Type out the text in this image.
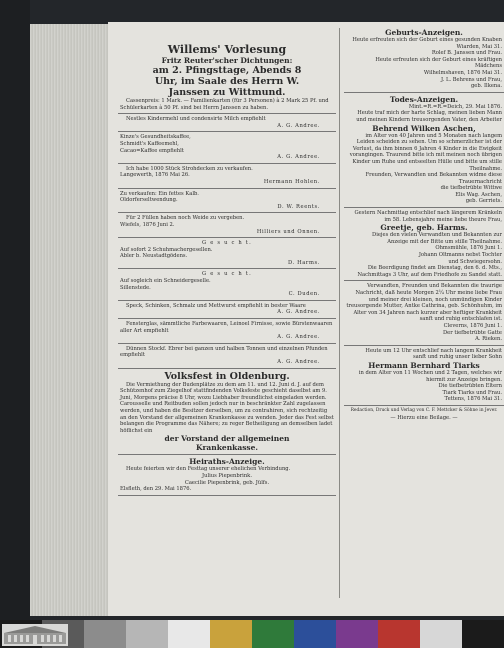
Willems' Vorlesung
Fritz Reuter'scher Dichtungen:
am 2. Pfingsttage, Abends 8
Uhr, im Saale des Herrn W.
Janssen zu Wittmund.

Cassenpreis: 1 Mark. — Familienkarten (für 3 Personen) à 2 Mark 25 Pf. und Schülerkarten à 50 Pf. sind bei Herrn Janssen zu haben.

Nestles Kindermehl und condensirte Milch empfiehlt

A. G. Andree.

Kinze's Gesundheitskaffee,

Schmidt's Kaffeemehl,

Cacao=Kaffee empfiehlt

A. G. Andree.

Ich habe 1000 Stück Strohdecken zu verkaufen.

Langewerth, 1876 Mai 26.

Hermann Hohlen.

Zu verkaufen: Ein fettes Kalb.

Oldorferseltwendung.

D. W. Reents.

Für 2 Füllen haben noch Weide zu vergeben.

Wiefels, 1876 Juni 2.

Hilliers und Onnen.

G e s u c h t.

Auf sofort 2 Schuhmachergesellen.

Abler b. Neustadtgödens.

D. Harms.

G e s u c h t.

Auf sogleich ein Schneidergeselle.

Sillenstede.

C. Duden.

Speck, Schinken, Schmalz und Mettwurst empfiehlt in bester Waare

A. G. Andree.

Fensterglas, sämmtliche Farbewaaren, Leinoel Firnisse, sowie Bürstenwaaren aller Art empfiehlt

A. G. Andree.

Dünnen Stockf. Ebrer bei ganzen und halben Tonnen und einzelnen Pfunden empfiehlt

A. G. Andree.

Volksfest in Oldenburg.

Die Vermiethung der Budenplätze zu dem am 11. und 12. Juni d. J. auf dem Schützenhof zum Ziegelhof stattfindenden Volksfeste geschieht daselbst am 9. Juni, Morgens präcise 8 Uhr, wozu Liebhaber freundlichst eingeladen werden. Carousselle und Reitbuden sollen jedoch nur in beschränkter Zahl zugelassen werden, und haben die Besitzer derselben, um zu contrahiren, sich rechtzeitig an den Vorstand der allgemeinen Krankenkasse zu wenden. Jeder das Fest selbst belangen die Programme das Nähere; zu reger Betheiligung an demselben ladet höflichst ein

der Vorstand der allgemeinen
Krankenkasse.
Heiraths-Anzeige.

Heute feierten wir den Festtag unserer ehelichen Verbindung.

Julius Piepenbrink.

Caecilie Piepenbrink, geb. Jülfs.

Elsfleth, den 29. Mai 1876.

Geburts-Anzeigen.

Heute erfreuten sich der Geburt eines gesunden Knaben

Wiarden, Mai 31.

Rolef B. Janssen und Frau.

Heute erfreuten sich der Geburt eines kräftigen Mädchens

Wilhelmshaven, 1876 Mai 31.

J. L. Behrens und Frau,

geb. Ilkena.

Todes-Anzeigen.

Mint.=R.=R.=Deich, 29. Mai 1876.

Heute traf mich der harte Schlag, meinen lieben Mann und meinen Kindern treusorgenden Vater, den Arbeiter

Behrend Wilken Aschen,

im Alter von 40 Jahren und 5 Monaten nach langem Leiden scheiden zu sehen. Um so schmerzlicher ist der Verlust, da ihm binnen 6 Jahren 4 Kinder in die Ewigkeit vorangingen. Traurend bitte ich mit meinen noch übrigen Kinder um Ruhe und entseelten Hülle und bitte um stille Theilnahme.

Freunden, Verwandten und Bekannten widme diese Trauernachricht

die tiefbetrübte Wittwe

Elis Wag. Aschen,

geb. Gerriets.

Gestern Nachmittag entschlief nach längerem Kränkeln im 58. Lebensjahre meine liebe theure Frau,

Greetje, geb. Harms.

Diejes den vielen Verwandten und Bekannten zur Anzeige mit der Bitte um stille Theilnahme.

Ohmsmühle, 1876 Juni 1.

Johann Oltmanns nebst Tochter

und Schwiegersohn.

Die Beerdigung findet am Dienstag, den 6. d. Mts., Nachmittags 3 Uhr, auf dem Friedhofe zu Sandel statt.

Verwandten, Freunden und Bekannten die traurige Nachricht, daß heute Morgen 2¼ Uhr meine liebe Frau und meiner drei kleinen, noch unmündigen Kinder treusorgende Mutter, Antke Cathrina, geb. Schönhuhm, im Alter von 34 Jahren nach kurzer aber heftiger Krankheit sanft und ruhig entschlafen ist.

Cleverns, 1876 Juni 1.

Der tiefbetrübte Gatte

A. Rieken.

Heute um 12 Uhr entschlief nach langem Krankheit sanft und ruhig unser lieber Sohn

Hermann Bernhard Tiarks

in dem Alter von 11 Wochen und 2 Tagen, welches wir hiermit zur Anzeige bringen.

Die tiefbetrübten Eltern

Tiark Tiarks und Frau.

Tettens, 1876 Mai 31.

Redaction, Druck und Verlag von C. F. Mettcker & Söhne in Jever.

— Hierzu eine Beilage. —
